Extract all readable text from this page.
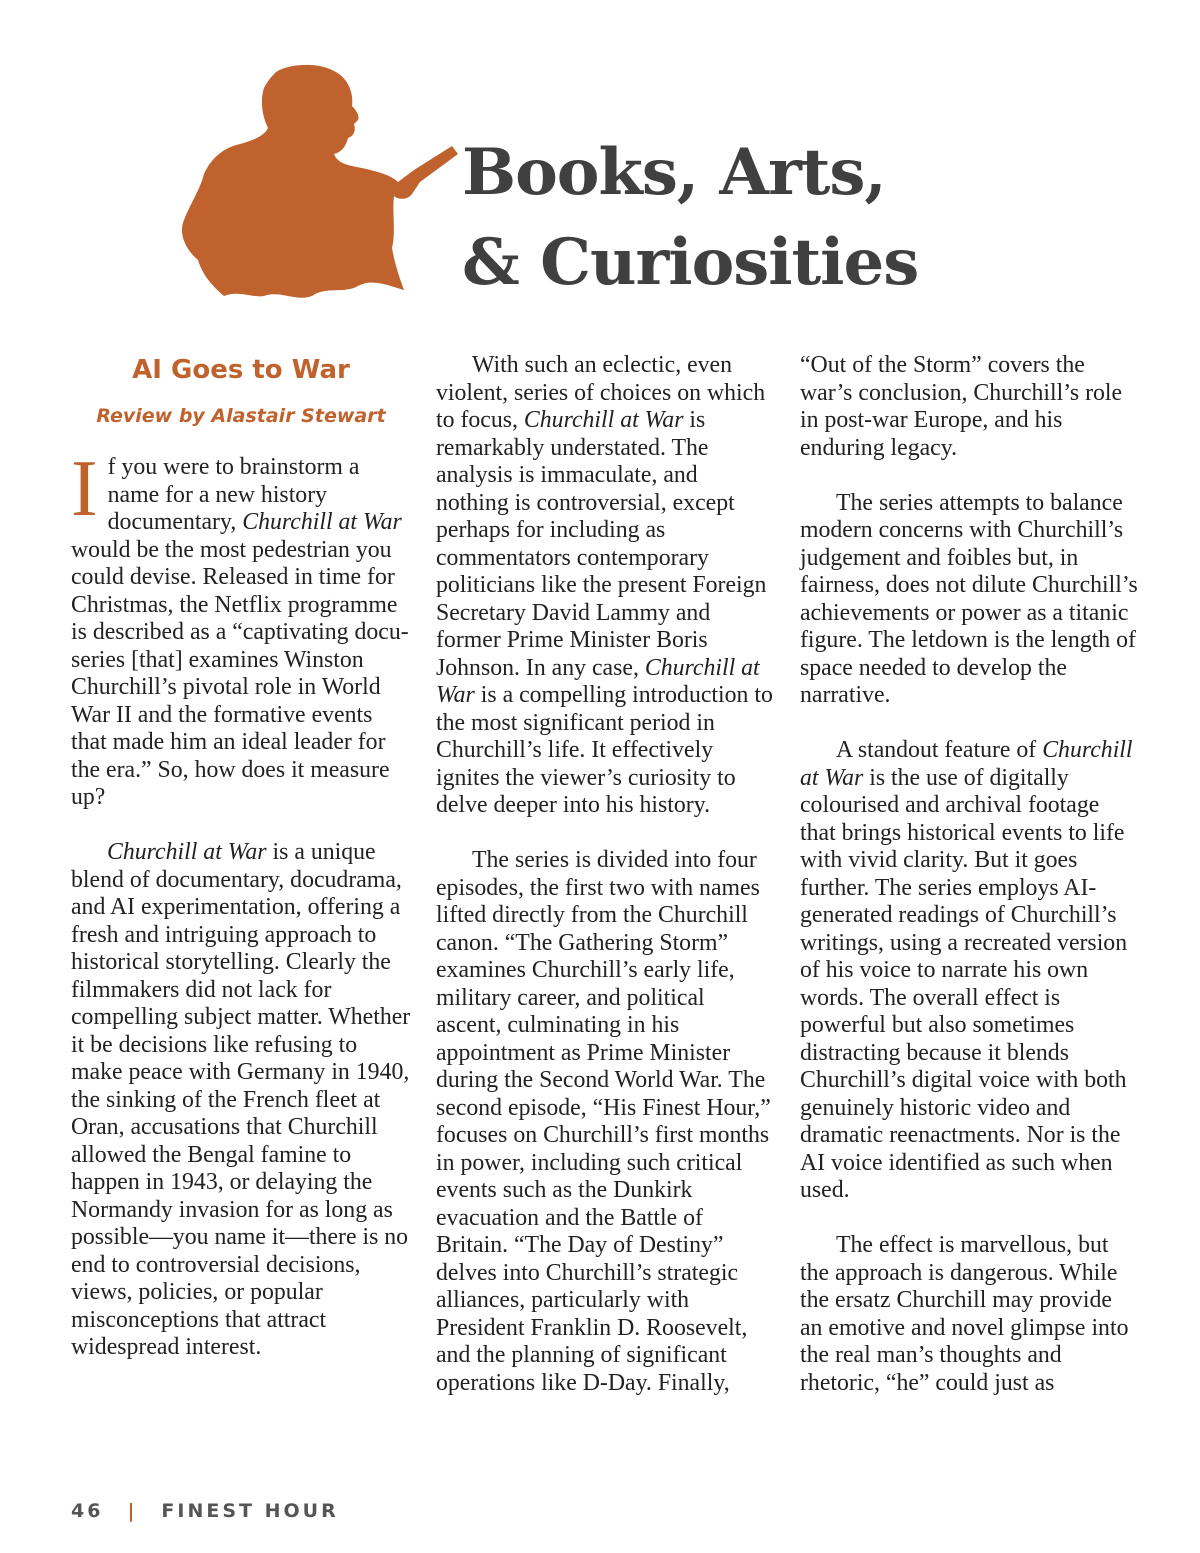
Books, Arts,
& Curiosities
AI Goes to War
Review by Alastair Stewart

If you were to brainstorm a name for a new history documentary, Churchill at War would be the most pedestrian you could devise. Released in time for Christmas, the Netflix programme is described as a “captivating docu-series [that] examines Winston Churchill’s pivotal role in World War II and the formative events that made him an ideal leader for the era.” So, how does it measure up?

Churchill at War is a unique blend of documentary, docudrama, and AI experimentation, offering a fresh and intriguing approach to historical storytelling. Clearly the filmmakers did not lack for compelling subject matter. Whether it be decisions like refusing to make peace with Germany in 1940, the sinking of the French fleet at Oran, accusations that Churchill allowed the Bengal famine to happen in 1943, or delaying the Normandy invasion for as long as possible—you name it—there is no end to controversial decisions, views, policies, or popular misconceptions that attract widespread interest.

With such an eclectic, even violent, series of choices on which to focus, Churchill at War is remarkably understated. The analysis is immaculate, and nothing is controversial, except perhaps for including as commentators contemporary politicians like the present Foreign Secretary David Lammy and former Prime Minister Boris Johnson. In any case, Churchill at War is a compelling introduction to the most significant period in Churchill’s life. It effectively ignites the viewer’s curiosity to delve deeper into his history.

The series is divided into four episodes, the first two with names lifted directly from the Churchill canon. “The Gathering Storm” examines Churchill’s early life, military career, and political ascent, culminating in his appointment as Prime Minister during the Second World War. The second episode, “His Finest Hour,” focuses on Churchill’s first months in power, including such critical events such as the Dunkirk evacuation and the Battle of Britain. “The Day of Destiny” delves into Churchill’s strategic alliances, particularly with President Franklin D. Roosevelt, and the planning of significant operations like D-Day. Finally,

“Out of the Storm” covers the war’s conclusion, Churchill’s role in post-war Europe, and his enduring legacy.

The series attempts to balance modern concerns with Churchill’s judgement and foibles but, in fairness, does not dilute Churchill’s achievements or power as a titanic figure. The letdown is the length of space needed to develop the narrative.

A standout feature of Churchill at War is the use of digitally colourised and archival footage that brings historical events to life with vivid clarity. But it goes further. The series employs AI-generated readings of Churchill’s writings, using a recreated version of his voice to narrate his own words. The overall effect is powerful but also sometimes distracting because it blends Churchill’s digital voice with both genuinely historic video and dramatic reenactments. Nor is the AI voice identified as such when used.

The effect is marvellous, but the approach is dangerous. While the ersatz Churchill may provide an emotive and novel glimpse into the real man’s thoughts and rhetoric, “he” could just as

46 | FINEST HOUR
